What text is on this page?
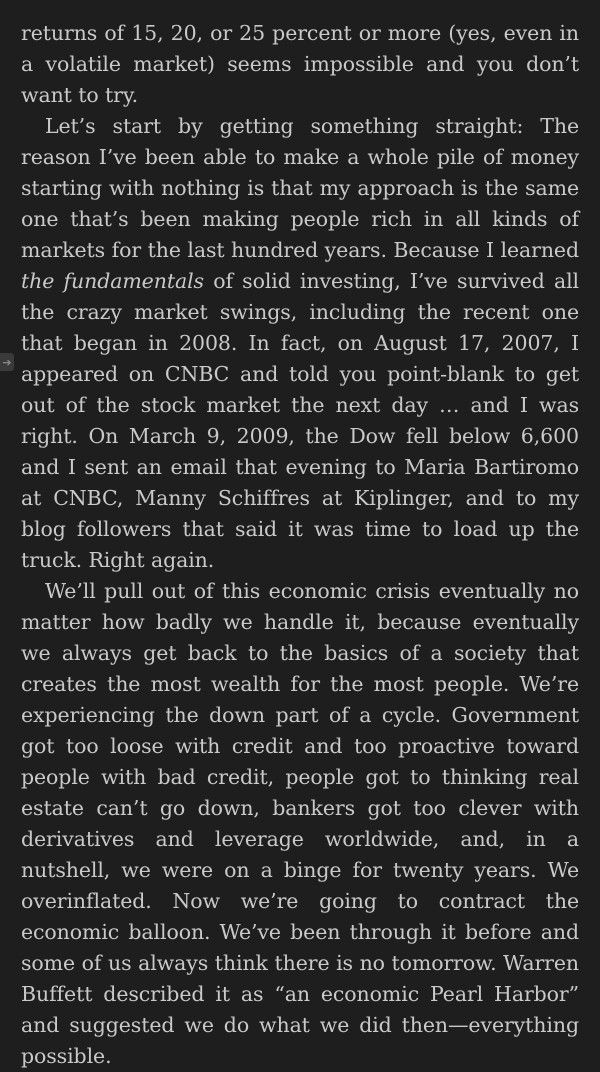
➔

returns of 15, 20, or 25 percent or more (yes, even in a volatile market) seems impossible and you don’t want to try.

Let’s start by getting something straight: The reason I’ve been able to make a whole pile of money starting with nothing is that my approach is the same one that’s been making people rich in all kinds of markets for the last hundred years. Because I learned the fundamentals of solid investing, I’ve survived all the crazy market swings, including the recent one that began in 2008. In fact, on August 17, 2007, I appeared on CNBC and told you point-blank to get out of the stock market the next day … and I was right. On March 9, 2009, the Dow fell below 6,600 and I sent an email that evening to Maria Bartiromo at CNBC, Manny Schiffres at Kiplinger, and to my blog followers that said it was time to load up the truck. Right again.

We’ll pull out of this economic crisis eventually no matter how badly we handle it, because eventually we always get back to the basics of a society that creates the most wealth for the most people. We’re experiencing the down part of a cycle. Government got too loose with credit and too proactive toward people with bad credit, people got to thinking real estate can’t go down, bankers got too clever with derivatives and leverage worldwide, and, in a nutshell, we were on a binge for twenty years. We overinflated. Now we’re going to contract the economic balloon. We’ve been through it before and some of us always think there is no tomorrow. Warren Buffett described it as “an economic Pearl Harbor” and suggested we do what we did then—everything possible.
